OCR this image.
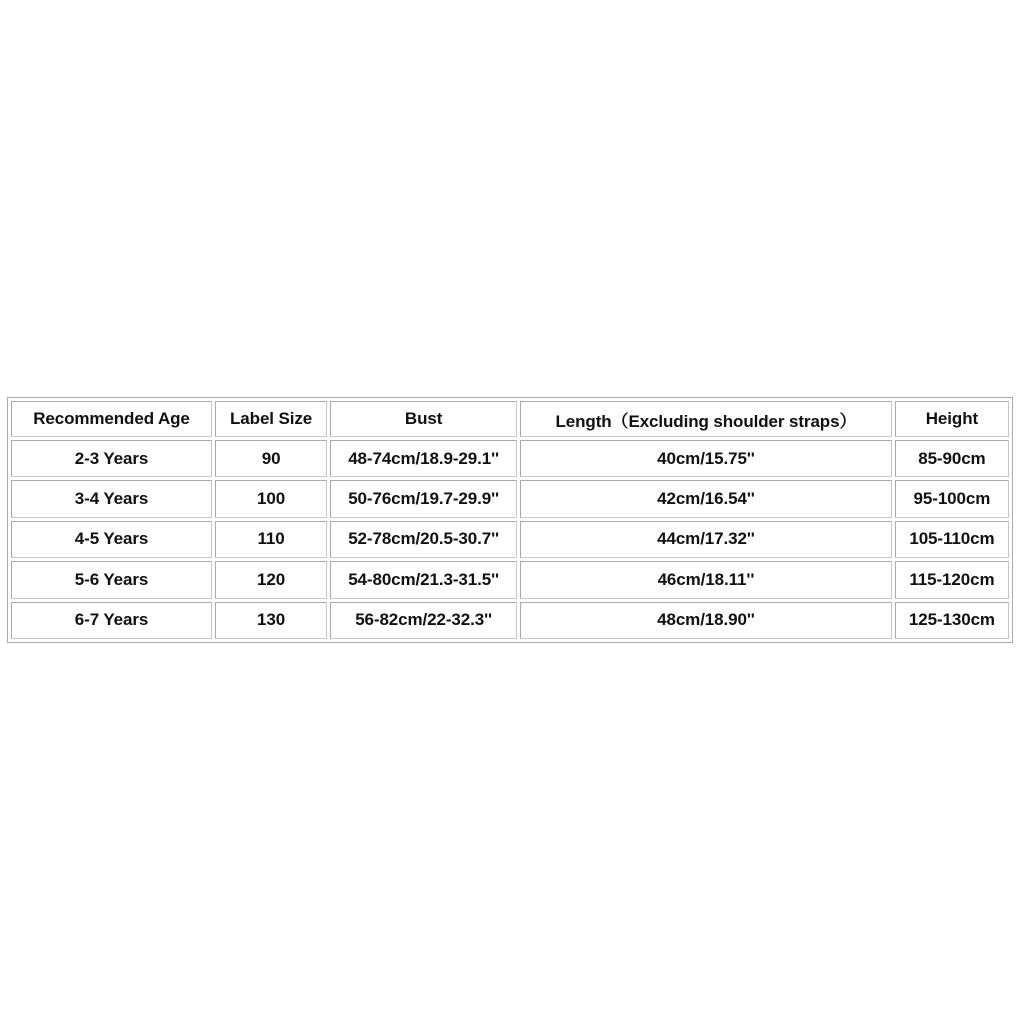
Recommended Age	Label Size	Bust	Length（Excluding shoulder straps）	Height
2-3 Years	90	48-74cm/18.9-29.1''	40cm/15.75''	85-90cm
3-4 Years	100	50-76cm/19.7-29.9''	42cm/16.54''	95-100cm
4-5 Years	110	52-78cm/20.5-30.7''	44cm/17.32''	105-110cm
5-6 Years	120	54-80cm/21.3-31.5''	46cm/18.11''	115-120cm
6-7 Years	130	56-82cm/22-32.3''	48cm/18.90''	125-130cm
